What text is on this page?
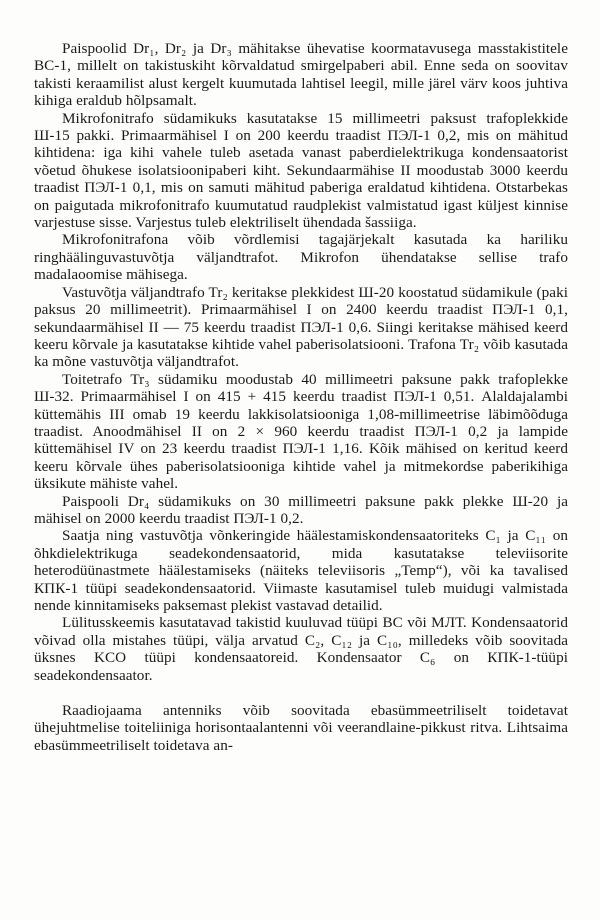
Paispoolid Dr₁, Dr₂ ja Dr₃ mähitakse ühevatise koormatavusega masstakistitele BC-1, millelt on takistuskiht kõrvaldatud smirgelpaberi abil. Enne seda on soovitav takisti keraamilist alust kergelt kuumutada lahtisel leegil, mille järel värv koos juhtiva kihiga eraldub hõlpsamalt.

Mikrofonitrafo südamikuks kasutatakse 15 millimeetri paksust trafoplekkide Ш-15 pakki. Primaarmähisel I on 200 keerdu traadist ПЭЛ-1 0,2, mis on mähitud kihtidena: iga kihi vahele tuleb asetada vanast paberdielektrikuga kondensaatorist võetud õhukese isolatsioonipaberi kiht. Sekundaarmähise II moodustab 3000 keerdu traadist ПЭЛ-1 0,1, mis on samuti mähitud paberiga eraldatud kihtidena. Otstarbekas on paigutada mikrofonitrafo kuumutatud raudplekist valmistatud igast küljest kinnise varjestuse sisse. Varjestus tuleb elektriliselt ühendada šassiiga.

Mikrofonitrafona võib võrdlemisi tagajärjekalt kasutada ka hariliku ringhäälinguvastuvõtja väljandtrafot. Mikrofon ühendatakse sellise trafo madalaoomise mähisega.

Vastuvõtja väljandtrafo Tr₂ keritakse plekkidest Ш-20 koostatud südamikule (paki paksus 20 millimeetrit). Primaarmähisel I on 2400 keerdu traadist ПЭЛ-1 0,1, sekundaarmähisel II — 75 keerdu traadist ПЭЛ-1 0,6. Siingi keritakse mähised keerd keeru kõrvale ja kasutatakse kihtide vahel paberisolatsiooni. Trafona Tr₂ võib kasutada ka mõne vastuvõtja väljandtrafot.

Toitetrafo Tr₃ südamiku moodustab 40 millimeetri paksune pakk trafoplekke Ш-32. Primaarmähisel I on 415 + 415 keerdu traadist ПЭЛ-1 0,51. Alaldajalambi küttemähis III omab 19 keerdu lakkisolatsiooniga 1,08-millimeetrise läbimõõduga traadist. Anoodmähisel II on 2 × 960 keerdu traadist ПЭЛ-1 0,2 ja lampide küttemähisel IV on 23 keerdu traadist ПЭЛ-1 1,16. Kõik mähised on keritud keerd keeru kõrvale ühes paberisolatsiooniga kihtide vahel ja mitmekordse paberikihiga üksikute mähiste vahel.

Paispooli Dr₄ südamikuks on 30 millimeetri paksune pakk plekke Ш-20 ja mähisel on 2000 keerdu traadist ПЭЛ-1 0,2.

Saatja ning vastuvõtja võnkeringide häälestamiskondensaatoriteks C₁ ja C₁₁ on õhkdielektrikuga seadekondensaatorid, mida kasutatakse televiisorite heterodüünastmete häälestamiseks (näiteks televiisoris „Temp“), või ka tavalised КПК-1 tüüpi seadekondensaatorid. Viimaste kasutamisel tuleb muidugi valmistada nende kinnitamiseks paksemast plekist vastavad detailid.

Lülitusskeemis kasutatavad takistid kuuluvad tüüpi BC või МЛТ. Kondensaatorid võivad olla mistahes tüüpi, välja arvatud C₂, C₁₂ ja C₁₀, milledeks võib soovitada üksnes KCO tüüpi kondensaatoreid. Kondensaator C₆ on КПК-1-tüüpi seadekondensaator.

Raadiojaama antenniks võib soovitada ebasümmeetriliselt toidetavat ühejuhtmelise toiteliiniga horisontaalantenni või veerandlaine-pikkust ritva. Lihtsaima ebasümmeetriliselt toidetava an-
